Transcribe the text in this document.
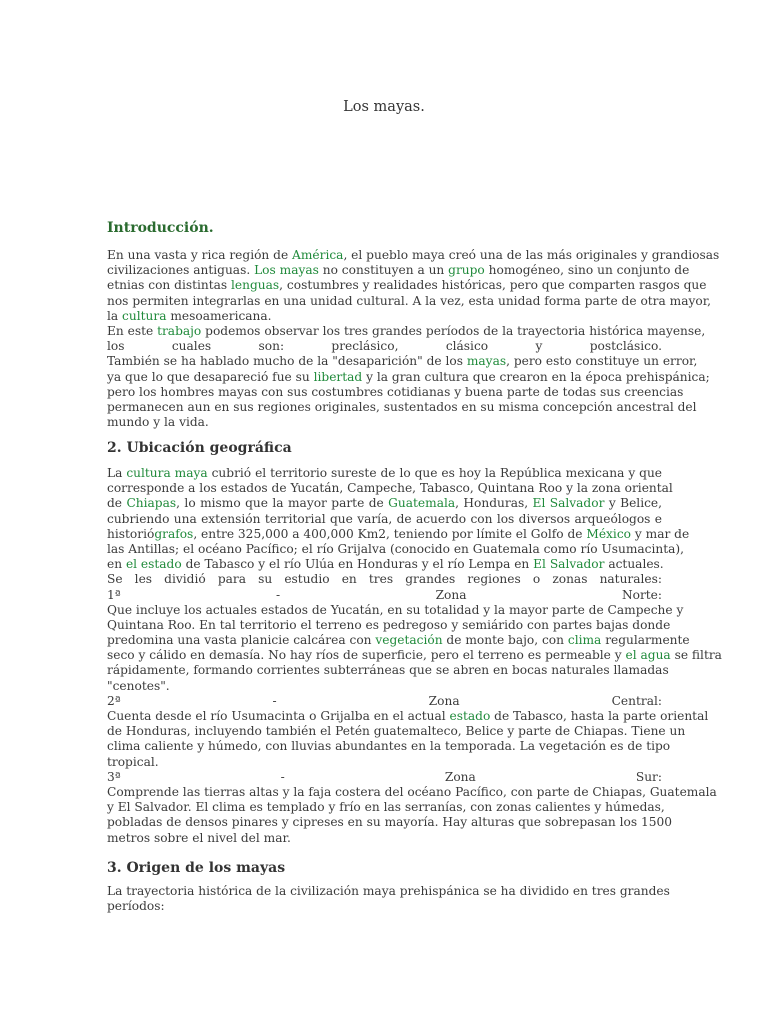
Los mayas.
Introducción.
En una vasta y rica región de América, el pueblo maya creó una de las más originales y grandiosas
civilizaciones antiguas. Los mayas no constituyen a un grupo homogéneo, sino un conjunto de
etnias con distintas lenguas, costumbres y realidades históricas, pero que comparten rasgos que
nos permiten integrarlas en una unidad cultural. A la vez, esta unidad forma parte de otra mayor,
la cultura mesoamericana.
En este trabajo podemos observar los tres grandes períodos de la trayectoria histórica mayense,
los cuales son: preclásico, clásico y postclásico.
También se ha hablado mucho de la "desaparición" de los mayas, pero esto constituye un error,
ya que lo que desapareció fue su libertad y la gran cultura que crearon en la época prehispánica;
pero los hombres mayas con sus costumbres cotidianas y buena parte de todas sus creencias
permanecen aun en sus regiones originales, sustentados en su misma concepción ancestral del
mundo y la vida.
2. Ubicación geográfica
La cultura maya cubrió el territorio sureste de lo que es hoy la República mexicana y que
corresponde a los estados de Yucatán, Campeche, Tabasco, Quintana Roo y la zona oriental
de Chiapas, lo mismo que la mayor parte de Guatemala, Honduras, El Salvador y Belice,
cubriendo una extensión territorial que varía, de acuerdo con los diversos arqueólogos e
historiógrafos, entre 325,000 a 400,000 Km2, teniendo por límite el Golfo de México y mar de
las Antillas; el océano Pacífico; el río Grijalva (conocido en Guatemala como río Usumacinta),
en el estado de Tabasco y el río Ulúa en Honduras y el río Lempa en El Salvador actuales.
Se les dividió para su estudio en tres grandes regiones o zonas naturales:
1ª - Zona Norte:
Que incluye los actuales estados de Yucatán, en su totalidad y la mayor parte de Campeche y
Quintana Roo. En tal territorio el terreno es pedregoso y semiárido con partes bajas donde
predomina una vasta planicie calcárea con vegetación de monte bajo, con clima regularmente
seco y cálido en demasía. No hay ríos de superficie, pero el terreno es permeable y el agua se filtra
rápidamente, formando corrientes subterráneas que se abren en bocas naturales llamadas
"cenotes".
2ª - Zona Central:
Cuenta desde el río Usumacinta o Grijalba en el actual estado de Tabasco, hasta la parte oriental
de Honduras, incluyendo también el Petén guatemalteco, Belice y parte de Chiapas. Tiene un
clima caliente y húmedo, con lluvias abundantes en la temporada. La vegetación es de tipo
tropical.
3ª - Zona Sur:
Comprende las tierras altas y la faja costera del océano Pacífico, con parte de Chiapas, Guatemala
y El Salvador. El clima es templado y frío en las serranías, con zonas calientes y húmedas,
pobladas de densos pinares y cipreses en su mayoría. Hay alturas que sobrepasan los 1500
metros sobre el nivel del mar.
3. Origen de los mayas
La trayectoria histórica de la civilización maya prehispánica se ha dividido en tres grandes
períodos:
